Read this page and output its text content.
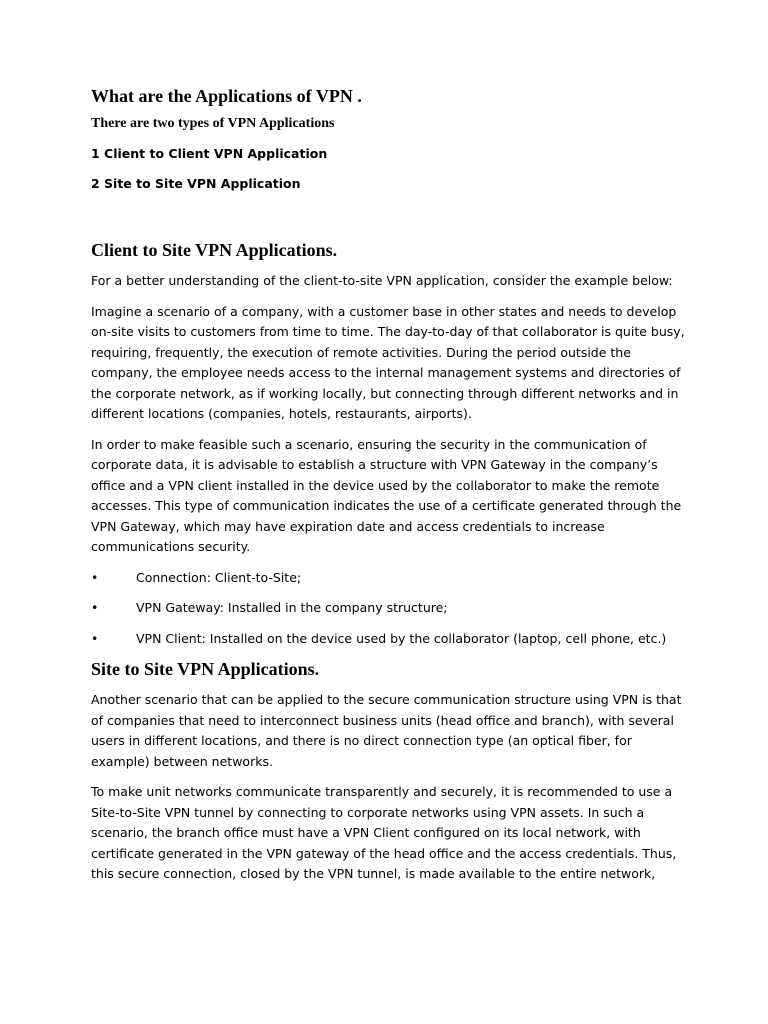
What are the Applications of VPN .
There are two types of VPN Applications
1 Client to Client VPN Application
2 Site to Site VPN Application
Client to Site VPN Applications.
For a better understanding of the client-to-site VPN application, consider the example below:
Imagine a scenario of a company, with a customer base in other states and needs to develop
on-site visits to customers from time to time. The day-to-day of that collaborator is quite busy,
requiring, frequently, the execution of remote activities. During the period outside the
company, the employee needs access to the internal management systems and directories of
the corporate network, as if working locally, but connecting through different networks and in
different locations (companies, hotels, restaurants, airports).
In order to make feasible such a scenario, ensuring the security in the communication of
corporate data, it is advisable to establish a structure with VPN Gateway in the company’s
office and a VPN client installed in the device used by the collaborator to make the remote
accesses. This type of communication indicates the use of a certificate generated through the
VPN Gateway, which may have expiration date and access credentials to increase
communications security.
•	Connection: Client-to-Site;
•	VPN Gateway: Installed in the company structure;
•	VPN Client: Installed on the device used by the collaborator (laptop, cell phone, etc.)
Site to Site VPN Applications.
Another scenario that can be applied to the secure communication structure using VPN is that
of companies that need to interconnect business units (head office and branch), with several
users in different locations, and there is no direct connection type (an optical fiber, for
example) between networks.
To make unit networks communicate transparently and securely, it is recommended to use a
Site-to-Site VPN tunnel by connecting to corporate networks using VPN assets. In such a
scenario, the branch office must have a VPN Client configured on its local network, with
certificate generated in the VPN gateway of the head office and the access credentials. Thus,
this secure connection, closed by the VPN tunnel, is made available to the entire network,
